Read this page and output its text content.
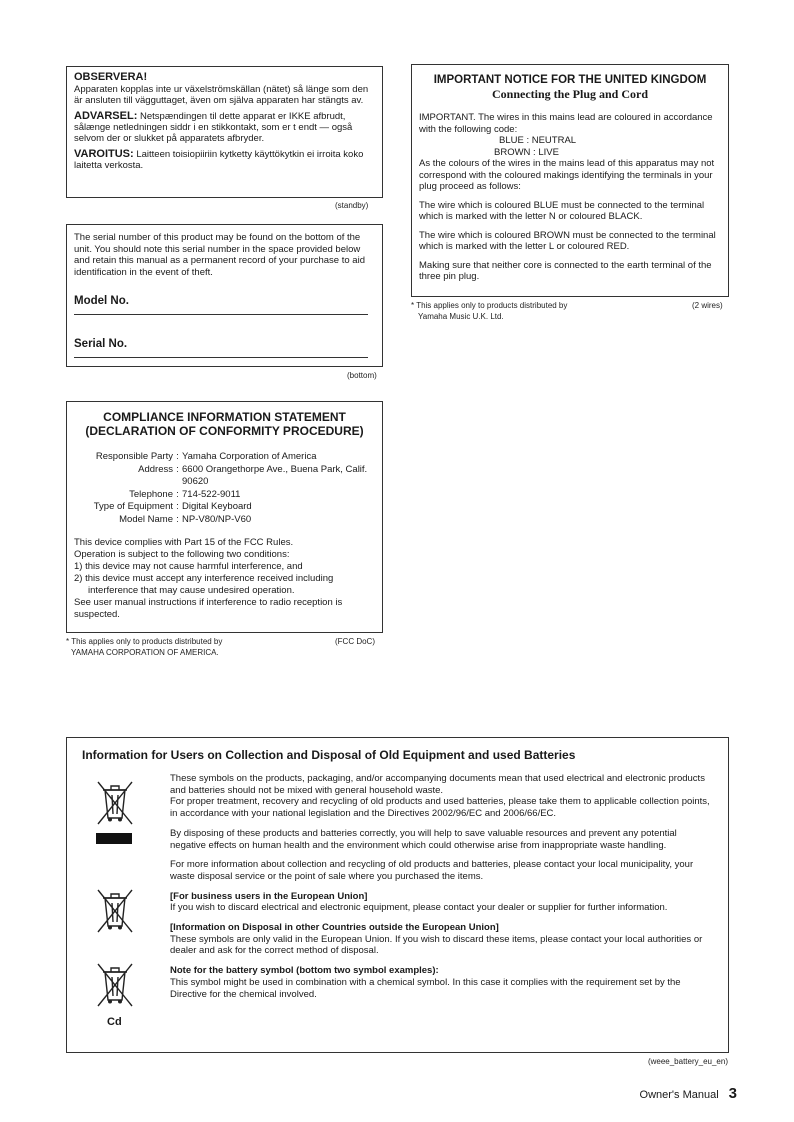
OBSERVERA!

Apparaten kopplas inte ur växelströmskällan (nätet) så länge som den är ansluten till vägguttaget, även om själva apparaten har stängts av.

ADVARSEL: Netspændingen til dette apparat er IKKE afbrudt, sålænge netledningen siddr i en stikkontakt, som er t endt — også selvom der or slukket på apparatets afbryder.

VAROITUS: Laitteen toisiopiiriin kytketty käyttökytkin ei irroita koko laitetta verkosta.

(standby)

The serial number of this product may be found on the bottom of the unit. You should note this serial number in the space provided below and retain this manual as a permanent record of your purchase to aid identification in the event of theft.

Model No.
Serial No.
(bottom)

IMPORTANT NOTICE FOR THE UNITED KINGDOM

Connecting the Plug and Cord

IMPORTANT. The wires in this mains lead are coloured in accordance with the following code:

BLUE : NEUTRAL

BROWN : LIVE

As the colours of the wires in the mains lead of this apparatus may not correspond with the coloured makings identifying the terminals in your plug proceed as follows:

The wire which is coloured BLUE must be connected to the terminal which is marked with the letter N or coloured BLACK.

The wire which is coloured BROWN must be connected to the terminal which is marked with the letter L or coloured RED.

Making sure that neither core is connected to the earth terminal of the three pin plug.

* This applies only to products distributed by
Yamaha Music U.K. Ltd.
(2 wires)

COMPLIANCE INFORMATION STATEMENT

(DECLARATION OF CONFORMITY PROCEDURE)

Responsible Party	:	Yamaha Corporation of America
Address	:	6600 Orangethorpe Ave., Buena Park, Calif. 90620
Telephone	:	714-522-9011
Type of Equipment	:	Digital Keyboard
Model Name	:	NP-V80/NP-V60

This device complies with Part 15 of the FCC Rules.

Operation is subject to the following two conditions:

1) this device may not cause harmful interference, and

2) this device must accept any interference received including

interference that may cause undesired operation.

See user manual instructions if interference to radio reception is suspected.

* This applies only to products distributed by
YAMAHA CORPORATION OF AMERICA.
(FCC DoC)
Information for Users on Collection and Disposal of Old Equipment and used Batteries
Cd

These symbols on the products, packaging, and/or accompanying documents mean that used electrical and electronic products and batteries should not be mixed with general household waste.

For proper treatment, recovery and recycling of old products and used batteries, please take them to applicable collection points, in accordance with your national legislation and the Directives 2002/96/EC and 2006/66/EC.

By disposing of these products and batteries correctly, you will help to save valuable resources and prevent any potential negative effects on human health and the environment which could otherwise arise from inappropriate waste handling.

For more information about collection and recycling of old products and batteries, please contact your local municipality, your waste disposal service or the point of sale where you purchased the items.

[For business users in the European Union]

If you wish to discard electrical and electronic equipment, please contact your dealer or supplier for further information.

[Information on Disposal in other Countries outside the European Union]

These symbols are only valid in the European Union. If you wish to discard these items, please contact your local authorities or dealer and ask for the correct method of disposal.

Note for the battery symbol (bottom two symbol examples):

This symbol might be used in combination with a chemical symbol. In this case it complies with the requirement set by the Directive for the chemical involved.

(weee_battery_eu_en)
Owner's Manual 3
